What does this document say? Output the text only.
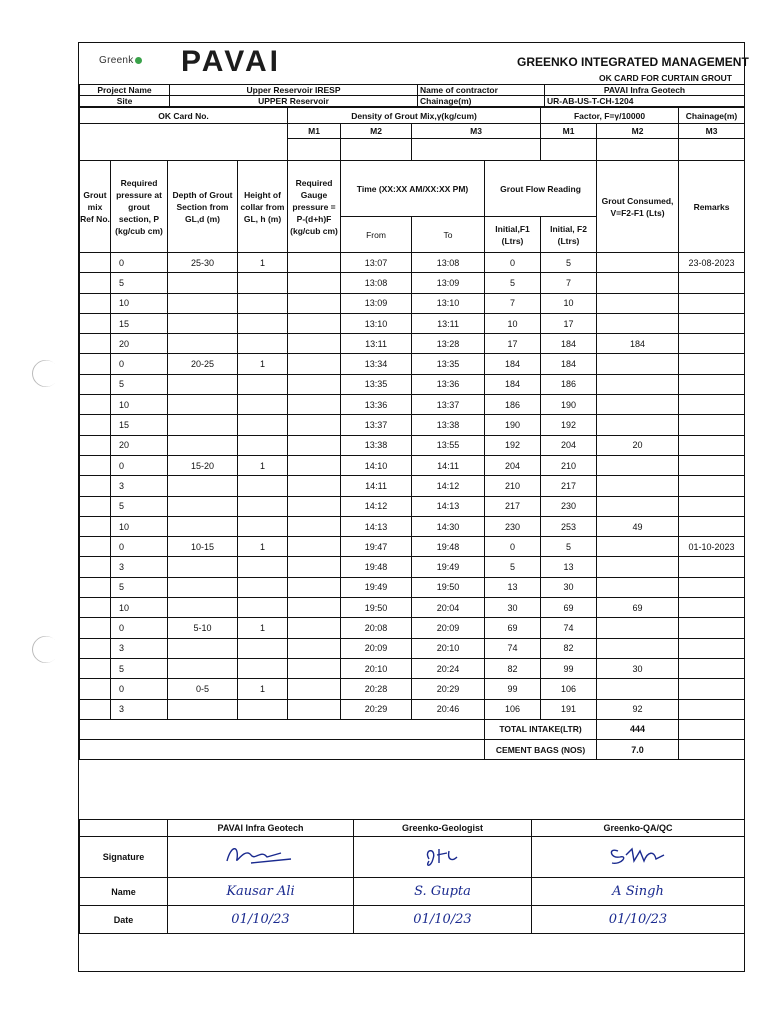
Greenk PAVAI	GREENKO INTEGRATED MANAGEMENT
OK CARD FOR CURTAIN GROUT
Project Name	Upper Reservoir IRESP	Name of contractor	PAVAI Infra Geotech
Site	UPPER Reservoir	Chainage(m)	UR-AB-US-T-CH-1204
OK Card No.				Density of Grout Mix,γ(kg/cum)				Factor, F=γ/10000		Chainage(m)	
				M1	M2	M3		M1	M2	M3		

Grout mix Ref No.	Required pressure at grout section, P (kg/cub cm)	Depth of Grout Section from GL,d (m)	Height of collar from GL, h (m)	Required Gauge pressure = P-(d+h)F (kg/cub cm)	Time (XX:XX AM/XX:XX PM)		Grout Flow Reading		Grout Consumed, V=F2-F1 (Lts)	Remarks	
					From	To	Initial,F1 (Ltrs)	Initial, F2 (Ltrs)			
	0	25-30	1		13:07	13:08	0	5		23-08-2023	
	5				13:08	13:09	5	7			
	10				13:09	13:10	7	10			
	15				13:10	13:11	10	17			
	20				13:11	13:28	17	184	184		
	0	20-25	1		13:34	13:35	184	184			
	5				13:35	13:36	184	186			
	10				13:36	13:37	186	190			
	15				13:37	13:38	190	192			
	20				13:38	13:55	192	204	20		
	0	15-20	1		14:10	14:11	204	210			
	3				14:11	14:12	210	217			
	5				14:12	14:13	217	230			
	10				14:13	14:30	230	253	49		
	0	10-15	1		19:47	19:48	0	5		01-10-2023	
	3				19:48	19:49	5	13			
	5				19:49	19:50	13	30			
	10				19:50	20:04	30	69	69		
	0	5-10	1		20:08	20:09	69	74			
	3				20:09	20:10	74	82			
	5				20:10	20:24	82	99	30		
	0	0-5	1		20:28	20:29	99	106			
	3				20:29	20:46	106	191	92		
							TOTAL INTAKE(LTR)		444		
							CEMENT BAGS (NOS)		7.0		
	PAVAI Infra Geotech	Greenko-Geologist	Greenko-QA/QC
Signature			
Name	Kausar Ali	S. Gupta	A Singh
Date	01/10/23	01/10/23	01/10/23
